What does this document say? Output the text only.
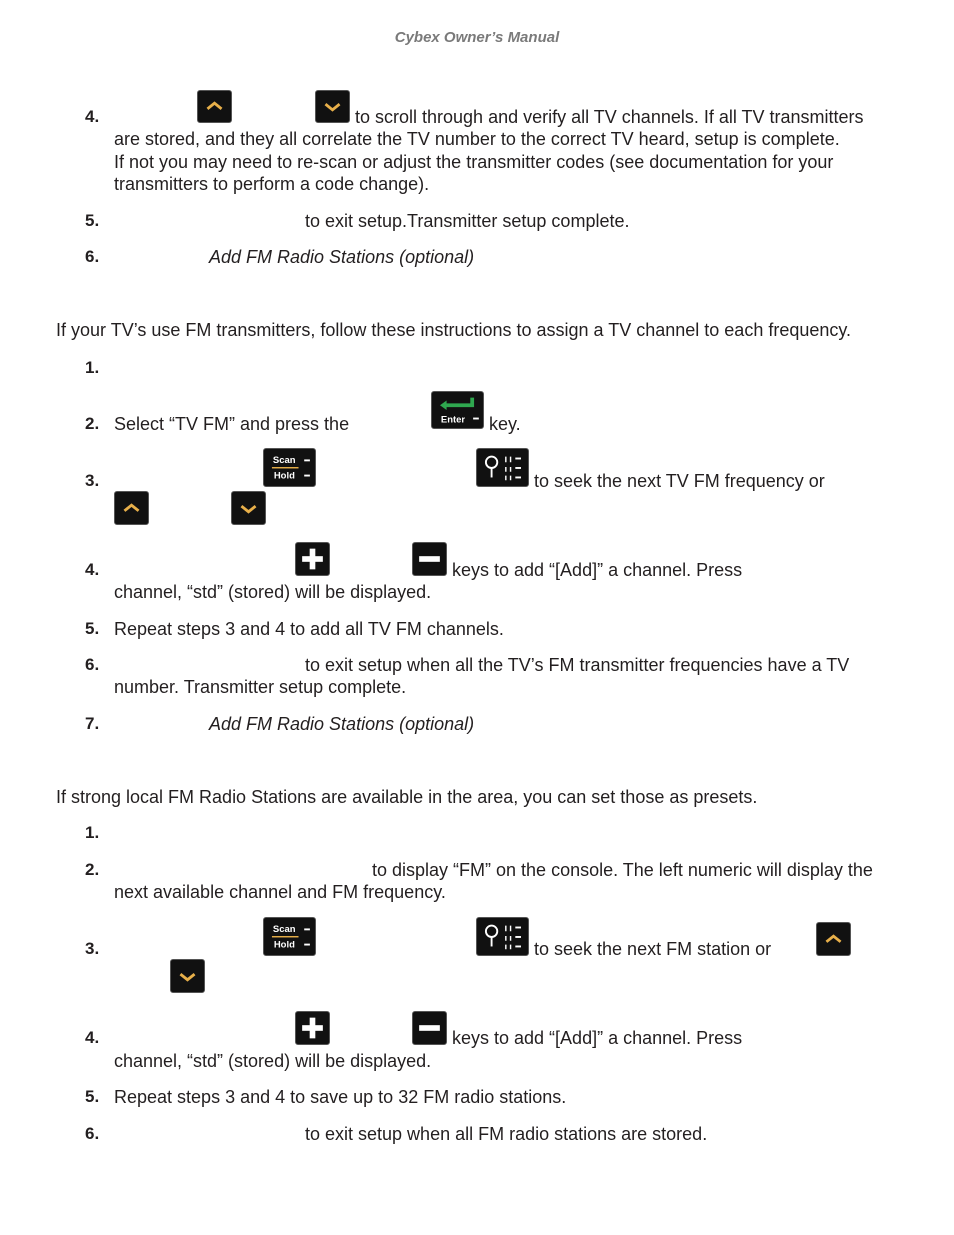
Cybex Owner’s Manual
4.	to scroll through and verify all TV channels. If all TV transmitters
are stored, and they all correlate the TV number to the correct TV heard, setup is complete.
If not you may need to re-scan or adjust the transmitter codes (see documentation for your
transmitters to perform a code change).
5.	to exit setup.Transmitter setup complete.
6.	Add FM Radio Stations (optional)
If your TV’s use FM transmitters, follow these instructions to assign a TV channel to each frequency.
1.
2. Select “TV FM” and press the	Enter key.
3.
Scan
Hold	to seek the next TV FM frequency or
4.	keys to add “[Add]” a channel. Press
channel, “std” (stored) will be displayed.
5. Repeat steps 3 and 4 to add all TV FM channels.
6.	to exit setup when all the TV’s FM transmitter frequencies have a TV
number. Transmitter setup complete.
7.	Add FM Radio Stations (optional)
If strong local FM Radio Stations are available in the area, you can set those as presets.
1.
2.	to display “FM” on the console. The left numeric will display the
next available channel and FM frequency.
3.
Scan
Hold	to seek the next FM station or
4.	keys to add “[Add]” a channel. Press
channel, “std” (stored) will be displayed.
5. Repeat steps 3 and 4 to save up to 32 FM radio stations.
6.	to exit setup when all FM radio stations are stored.
